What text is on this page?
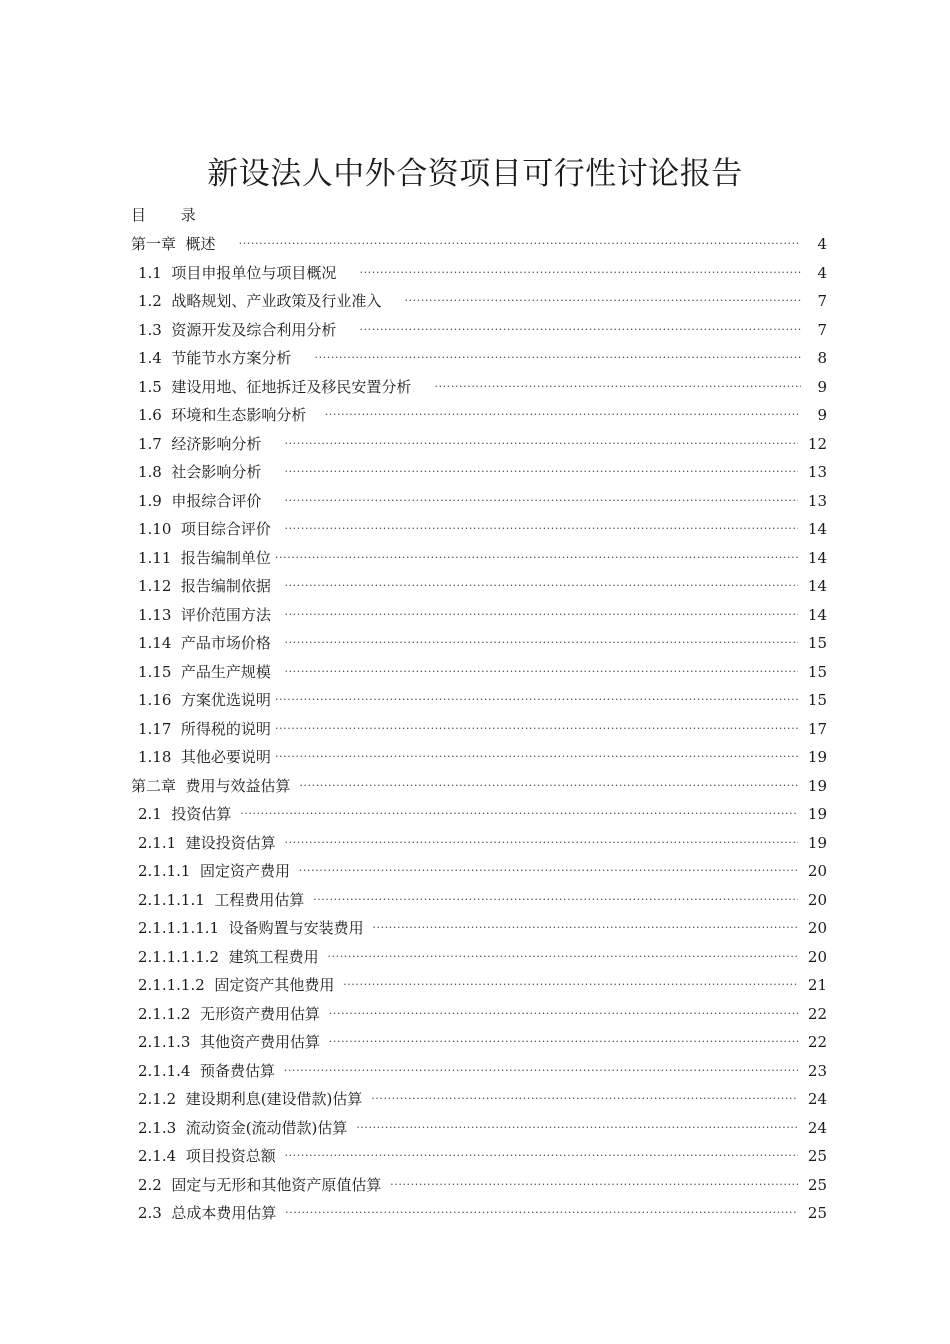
新设法人中外合资项目可行性讨论报告
目 录
第一章  概述 ·····	4
1.1  项目申报单位与项目概况 ·····	4
1.2  战略规划、产业政策及行业准入 ·····	7
1.3  资源开发及综合利用分析 ·····	7
1.4  节能节水方案分析 ·····	8
1.5  建设用地、征地拆迁及移民安置分析 ·····	9
1.6  环境和生态影响分析 ·····	9
1.7  经济影响分析 ·····	12
1.8  社会影响分析 ·····	13
1.9  申报综合评价 ·····	13
1.10  项目综合评价 ·····	14
1.11  报告编制单位 ·····	14
1.12  报告编制依据 ·····	14
1.13  评价范围方法 ·····	14
1.14  产品市场价格 ·····	15
1.15  产品生产规模 ·····	15
1.16  方案优选说明 ·····	15
1.17  所得税的说明 ·····	17
1.18  其他必要说明 ·····	19
第二章  费用与效益估算 ·····	19
2.1  投资估算 ·····	19
2.1.1  建设投资估算 ·····	19
2.1.1.1  固定资产费用 ·····	20
2.1.1.1.1  工程费用估算 ·····	20
2.1.1.1.1.1  设备购置与安装费用 ·····	20
2.1.1.1.1.2  建筑工程费用 ·····	20
2.1.1.1.2  固定资产其他费用 ·····	21
2.1.1.2  无形资产费用估算 ·····	22
2.1.1.3  其他资产费用估算 ·····	22
2.1.1.4  预备费估算 ·····	23
2.1.2  建设期利息(建设借款)估算 ·····	24
2.1.3  流动资金(流动借款)估算 ·····	24
2.1.4  项目投资总额 ·····	25
2.2  固定与无形和其他资产原值估算 ·····	25
2.3  总成本费用估算 ·····	25
